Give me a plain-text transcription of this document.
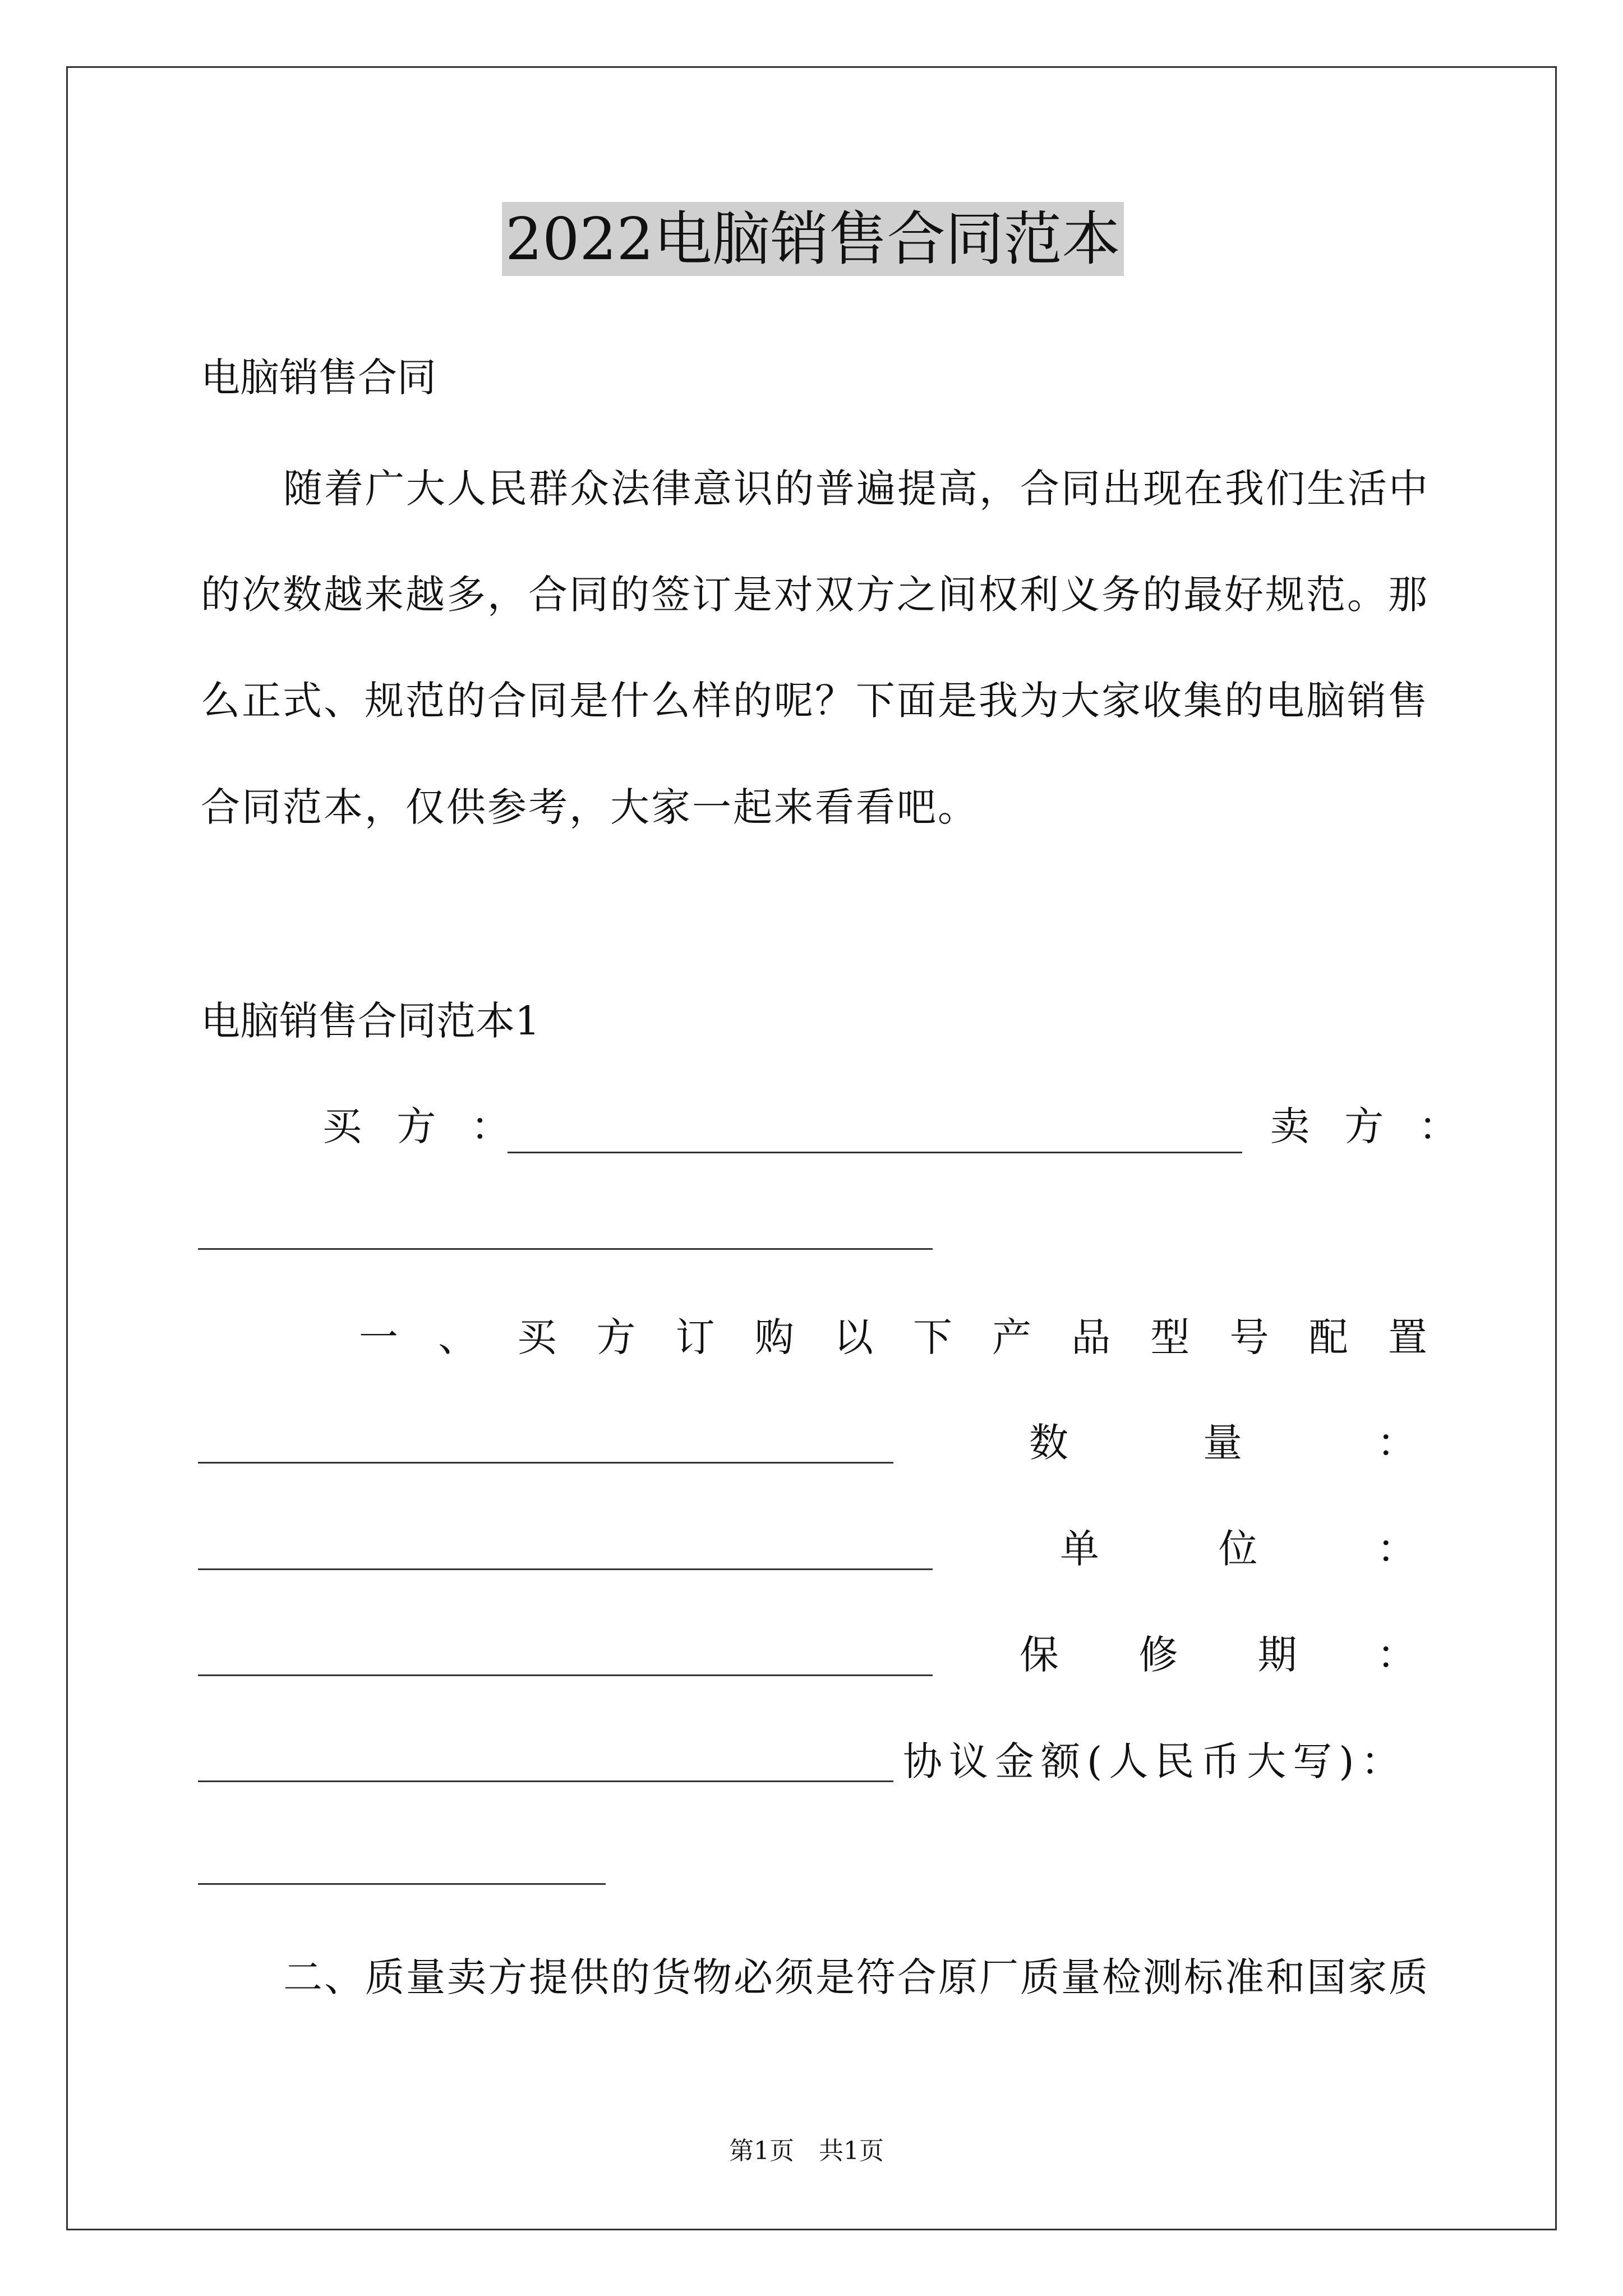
2022电脑销售合同范本
电脑销售合同
随着广大人民群众法律意识的普遍提高，合同出现在我们生活中
的次数越来越多，合同的签订是对双方之间权利义务的最好规范。那
么正式、规范的合同是什么样的呢？下面是我为大家收集的电脑销售
合同范本，仅供参考，大家一起来看看吧。
电脑销售合同范本1
买 方 ：	卖 方 ：
一 、 买 方 订 购 以 下 产 品 型 号 配 置
数	量	：
单	位	：
保 修 期 ：
协议金额(人民币大写)：
二、质量卖方提供的货物必须是符合原厂质量检测标准和国家质
第1页　共1页
